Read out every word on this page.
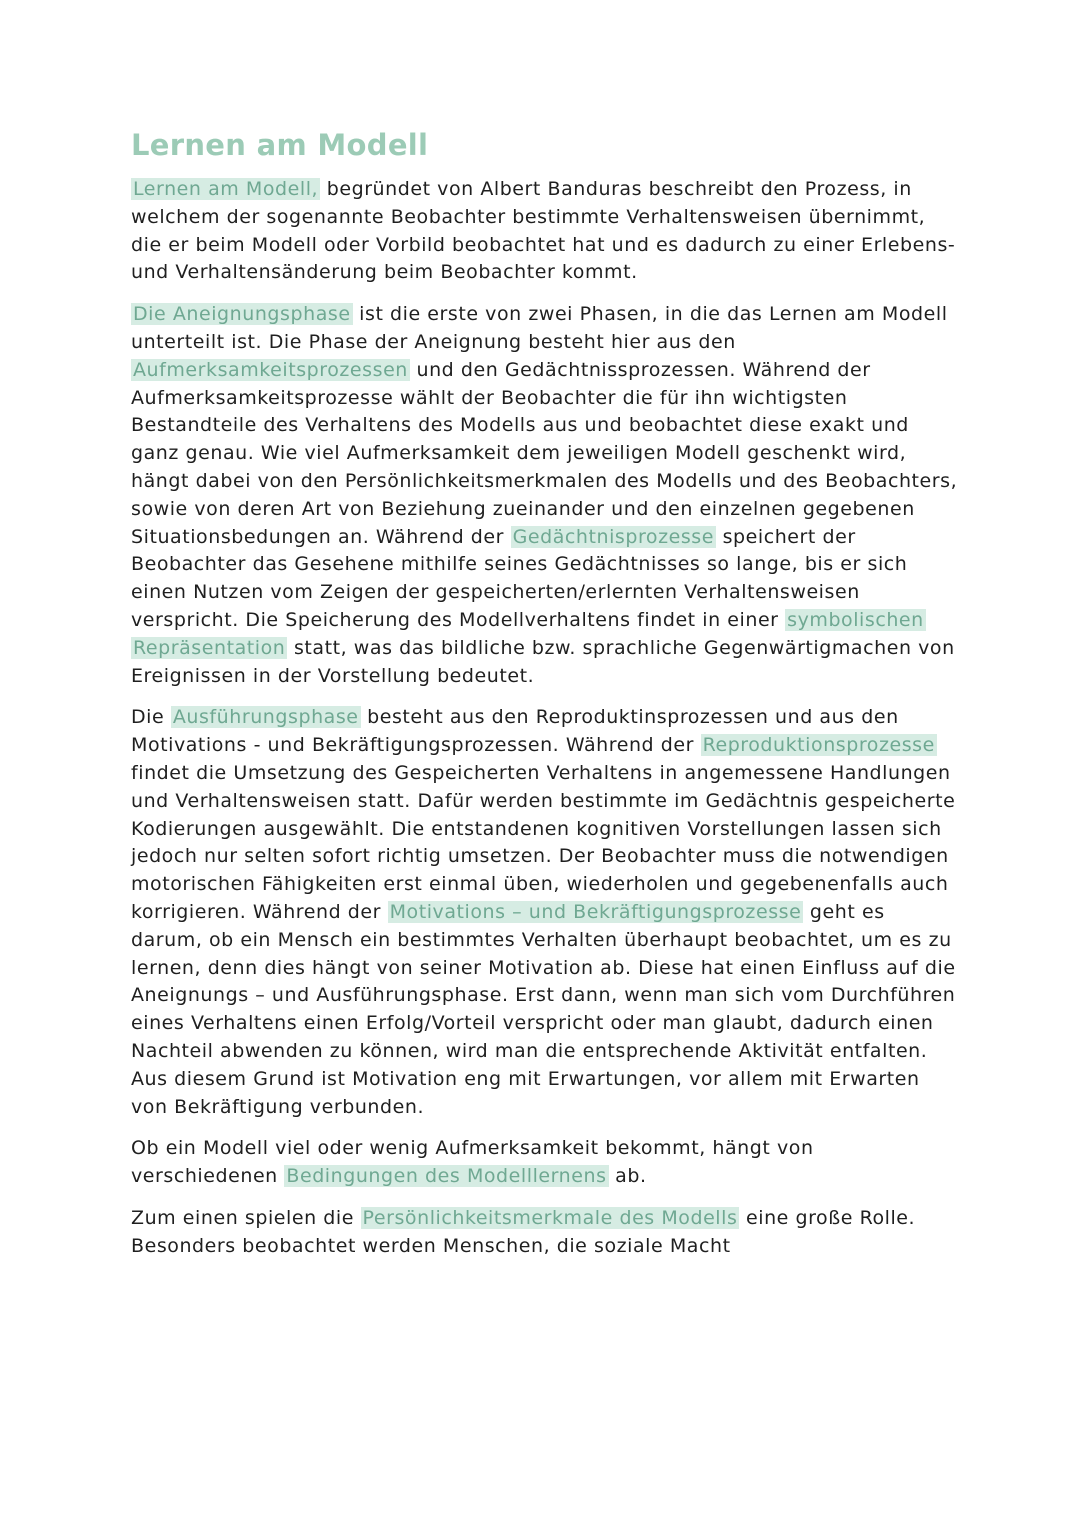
Lernen am Modell

Lernen am Modell, begründet von Albert Banduras beschreibt den Prozess, in welchem der sogenannte Beobachter bestimmte Verhaltensweisen übernimmt, die er beim Modell oder Vorbild beobachtet hat und es dadurch zu einer Erlebens-und Verhaltensänderung beim Beobachter kommt.

Die Aneignungsphase ist die erste von zwei Phasen, in die das Lernen am Modell unterteilt ist. Die Phase der Aneignung besteht hier aus den Aufmerksamkeitsprozessen und den Gedächtnissprozessen. Während der Aufmerksamkeitsprozesse wählt der Beobachter die für ihn wichtigsten Bestandteile des Verhaltens des Modells aus und beobachtet diese exakt und ganz genau. Wie viel Aufmerksamkeit dem jeweiligen Modell geschenkt wird, hängt dabei von den Persönlichkeitsmerkmalen des Modells und des Beobachters, sowie von deren Art von Beziehung zueinander und den einzelnen gegebenen Situationsbedungen an. Während der Gedächtnisprozesse speichert der Beobachter das Gesehene mithilfe seines Gedächtnisses so lange, bis er sich einen Nutzen vom Zeigen der gespeicherten/erlernten Verhaltensweisen verspricht. Die Speicherung des Modellverhaltens findet in einer symbolischen Repräsentation statt, was das bildliche bzw. sprachliche Gegenwärtigmachen von Ereignissen in der Vorstellung bedeutet.

Die Ausführungsphase besteht aus den Reproduktinsprozessen und aus den Motivations - und Bekräftigungsprozessen. Während der Reproduktionsprozesse findet die Umsetzung des Gespeicherten Verhaltens in angemessene Handlungen und Verhaltensweisen statt. Dafür werden bestimmte im Gedächtnis gespeicherte Kodierungen ausgewählt. Die entstandenen kognitiven Vorstellungen lassen sich jedoch nur selten sofort richtig umsetzen. Der Beobachter muss die notwendigen motorischen Fähigkeiten erst einmal üben, wiederholen und gegebenenfalls auch korrigieren. Während der Motivations – und Bekräftigungsprozesse geht es darum, ob ein Mensch ein bestimmtes Verhalten überhaupt beobachtet, um es zu lernen, denn dies hängt von seiner Motivation ab. Diese hat einen Einfluss auf die Aneignungs – und Ausführungsphase. Erst dann, wenn man sich vom Durchführen eines Verhaltens einen Erfolg/Vorteil verspricht oder man glaubt, dadurch einen Nachteil abwenden zu können, wird man die entsprechende Aktivität entfalten. Aus diesem Grund ist Motivation eng mit Erwartungen, vor allem mit Erwarten von Bekräftigung verbunden.

Ob ein Modell viel oder wenig Aufmerksamkeit bekommt, hängt von verschiedenen Bedingungen des Modelllernens ab.

Zum einen spielen die Persönlichkeitsmerkmale des Modells eine große Rolle. Besonders beobachtet werden Menschen, die soziale Macht
